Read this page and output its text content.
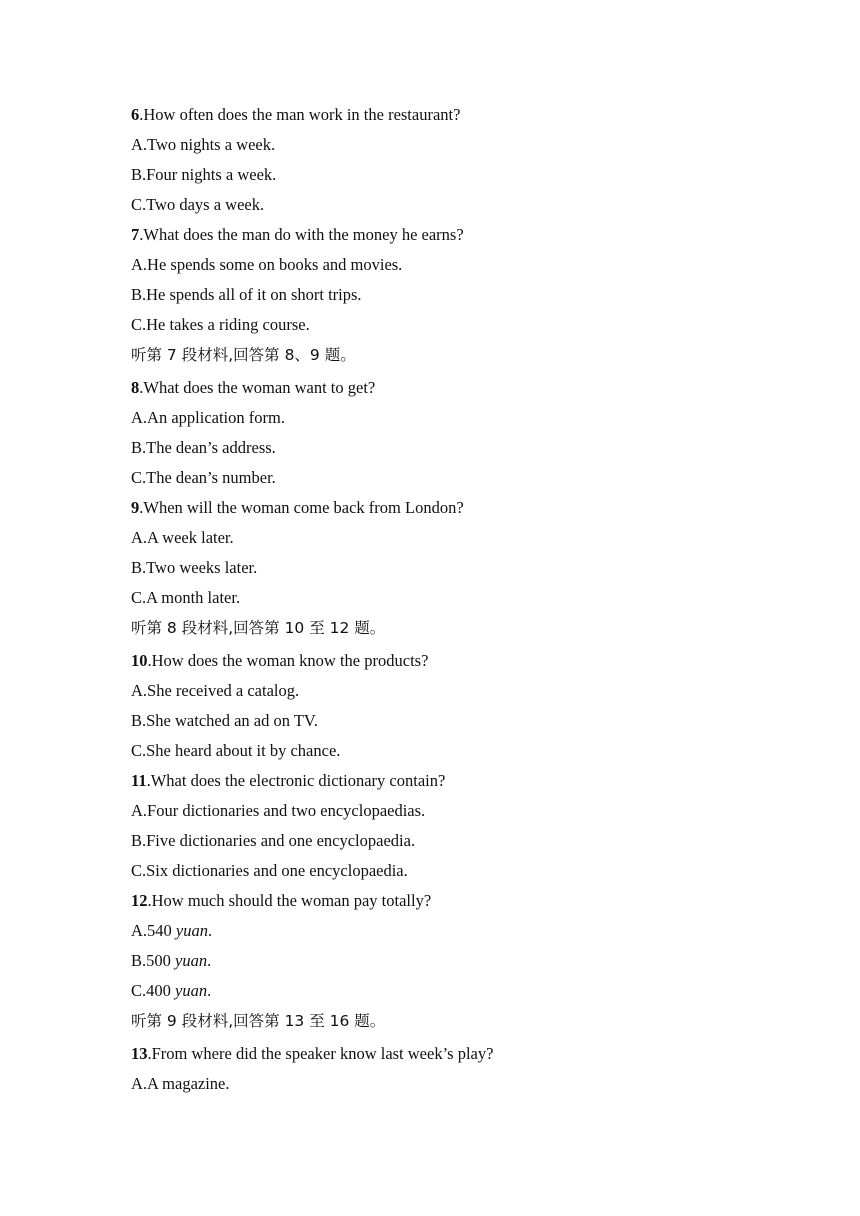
6.How often does the man work in the restaurant?
A.Two nights a week.
B.Four nights a week.
C.Two days a week.
7.What does the man do with the money he earns?
A.He spends some on books and movies.
B.He spends all of it on short trips.
C.He takes a riding course.
听第 7 段材料,回答第 8、9 题。
8.What does the woman want to get?
A.An application form.
B.The dean’s address.
C.The dean’s number.
9.When will the woman come back from London?
A.A week later.
B.Two weeks later.
C.A month later.
听第 8 段材料,回答第 10 至 12 题。
10.How does the woman know the products?
A.She received a catalog.
B.She watched an ad on TV.
C.She heard about it by chance.
11.What does the electronic dictionary contain?
A.Four dictionaries and two encyclopaedias.
B.Five dictionaries and one encyclopaedia.
C.Six dictionaries and one encyclopaedia.
12.How much should the woman pay totally?
A.540 yuan.
B.500 yuan.
C.400 yuan.
听第 9 段材料,回答第 13 至 16 题。
13.From where did the speaker know last week’s play?
A.A magazine.
